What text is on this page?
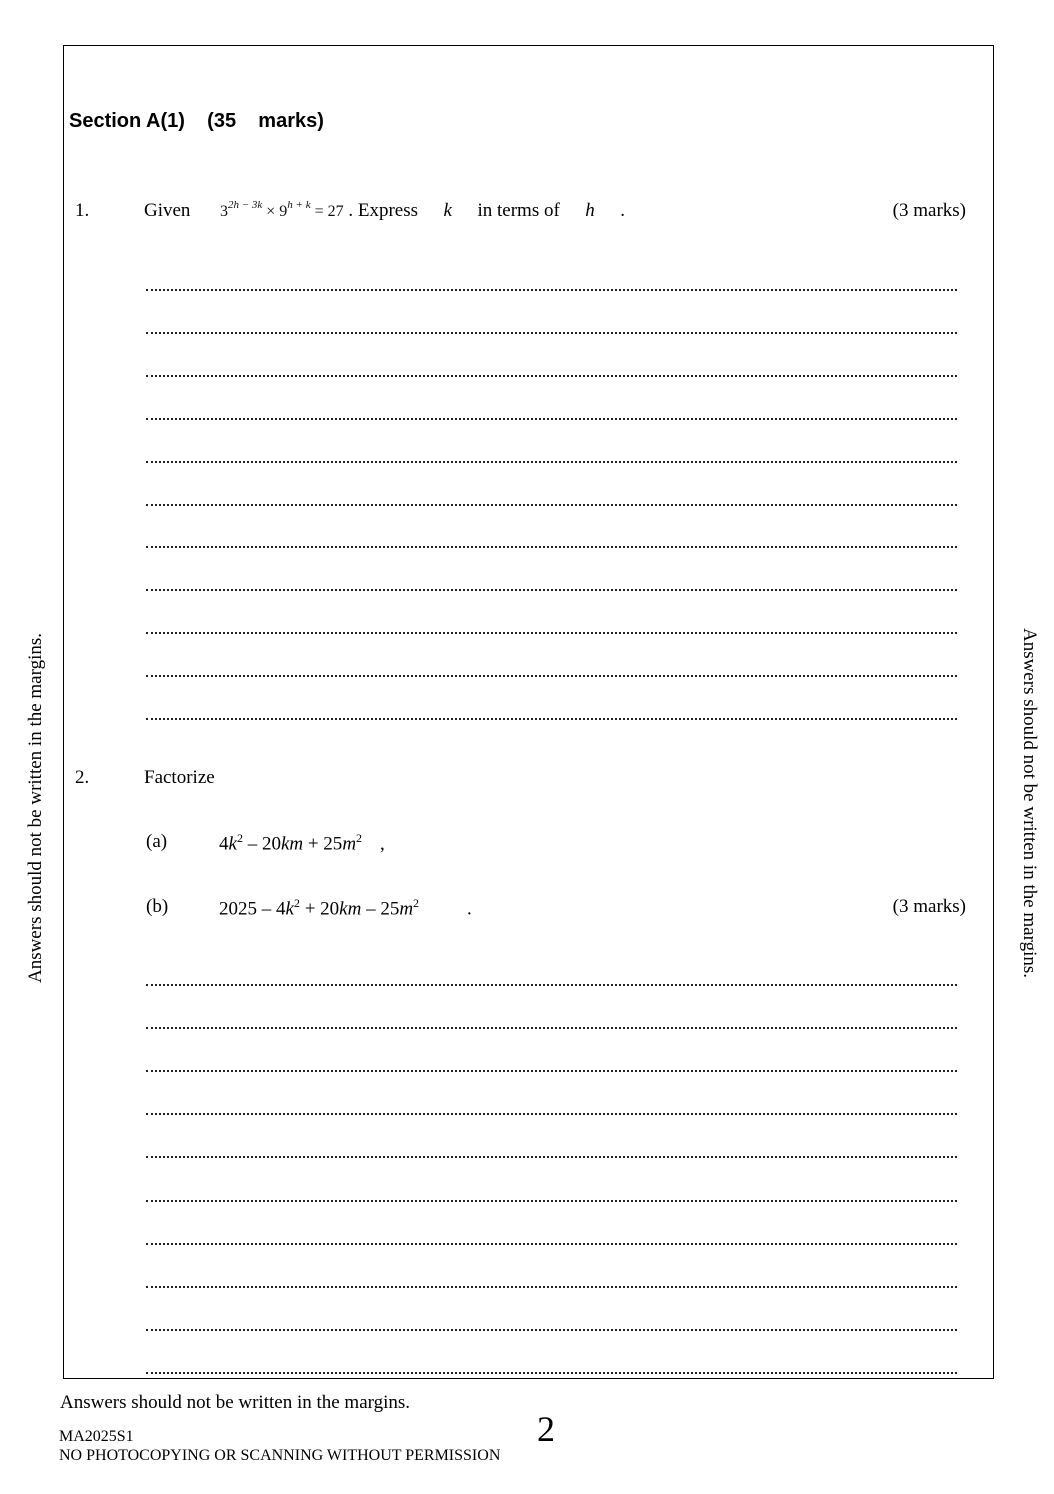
Section A(1)    (35    marks)
1.	Given $3^{2h - 3k} \times 9^{h + k} = 27$ . Express k in terms of h .	(3 marks)
2.	Factorize
(a)	$4k^2 - 20km + 25m^2$ ,
(b)	$2025 - 4k^2 + 20km - 25m^2$	.	(3 marks)
Answers should not be written in the margins.	Answers should not be written in the margins.
Answers should not be written in the margins.
2
MA2025S1
NO PHOTOCOPYING OR SCANNING WITHOUT PERMISSION
